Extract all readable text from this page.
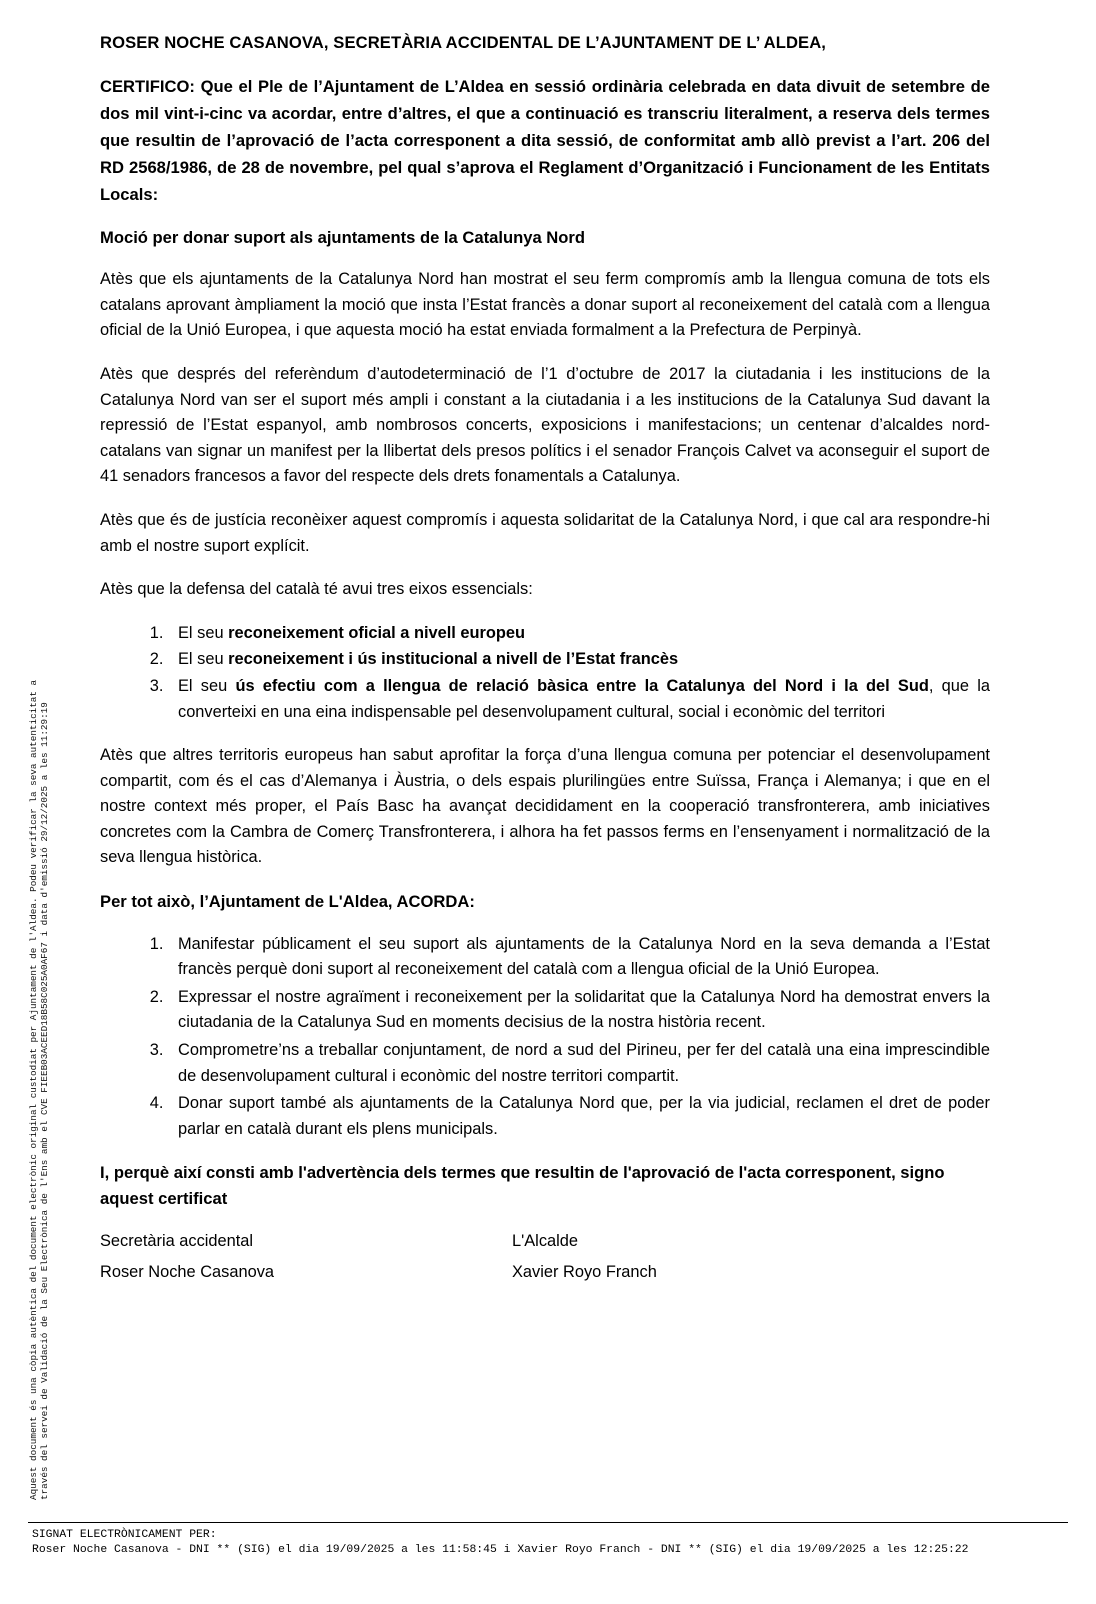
Aquest document és una còpia autèntica del document electrònic original custodiat per Ajuntament de l'Aldea. Podeu verificar la seva autenticitat a través del servei de Validació de la Seu Electrònica de l'Ens amb el CVE FIEEB03ACEED18B58C025A0AF67 i data d'emissió 29/12/2025 a les 11:29:19

ROSER NOCHE CASANOVA, SECRETÀRIA ACCIDENTAL DE L’AJUNTAMENT DE L’ ALDEA,

CERTIFICO: Que el Ple de l’Ajuntament de L’Aldea en sessió ordinària celebrada en data divuit de setembre de dos mil vint-i-cinc va acordar, entre d’altres, el que a continuació es transcriu literalment, a reserva dels termes que resultin de l’aprovació de l’acta corresponent a dita sessió, de conformitat amb allò previst a l’art. 206 del RD 2568/1986, de 28 de novembre, pel qual s’aprova el Reglament d’Organització i Funcionament de les Entitats Locals:

Moció per donar suport als ajuntaments de la Catalunya Nord

Atès que els ajuntaments de la Catalunya Nord han mostrat el seu ferm compromís amb la llengua comuna de tots els catalans aprovant àmpliament la moció que insta l’Estat francès a donar suport al reconeixement del català com a llengua oficial de la Unió Europea, i que aquesta moció ha estat enviada formalment a la Prefectura de Perpinyà.

Atès que després del referèndum d’autodeterminació de l’1 d’octubre de 2017 la ciutadania i les institucions de la Catalunya Nord van ser el suport més ampli i constant a la ciutadania i a les institucions de la Catalunya Sud davant la repressió de l’Estat espanyol, amb nombrosos concerts, exposicions i manifestacions; un centenar d’alcaldes nord-catalans van signar un manifest per la llibertat dels presos polítics i el senador François Calvet va aconseguir el suport de 41 senadors francesos a favor del respecte dels drets fonamentals a Catalunya.

Atès que és de justícia reconèixer aquest compromís i aquesta solidaritat de la Catalunya Nord, i que cal ara respondre-hi amb el nostre suport explícit.

Atès que la defensa del català té avui tres eixos essencials:

1. El seu reconeixement oficial a nivell europeu
2. El seu reconeixement i ús institucional a nivell de l’Estat francès
3. El seu ús efectiu com a llengua de relació bàsica entre la Catalunya del Nord i la del Sud, que la converteixi en una eina indispensable pel desenvolupament cultural, social i econòmic del territori

Atès que altres territoris europeus han sabut aprofitar la força d’una llengua comuna per potenciar el desenvolupament compartit, com és el cas d’Alemanya i Àustria, o dels espais plurilingües entre Suïssa, França i Alemanya; i que en el nostre context més proper, el País Basc ha avançat decididament en la cooperació transfronterera, amb iniciatives concretes com la Cambra de Comerç Transfronterera, i alhora ha fet passos ferms en l’ensenyament i normalització de la seva llengua històrica.

Per tot això, l’Ajuntament de L'Aldea, ACORDA:

1. Manifestar públicament el seu suport als ajuntaments de la Catalunya Nord en la seva demanda a l’Estat francès perquè doni suport al reconeixement del català com a llengua oficial de la Unió Europea.
2. Expressar el nostre agraïment i reconeixement per la solidaritat que la Catalunya Nord ha demostrat envers la ciutadania de la Catalunya Sud en moments decisius de la nostra història recent.
3. Comprometre’ns a treballar conjuntament, de nord a sud del Pirineu, per fer del català una eina imprescindible de desenvolupament cultural i econòmic del nostre territori compartit.
4. Donar suport també als ajuntaments de la Catalunya Nord que, per la via judicial, reclamen el dret de poder parlar en català durant els plens municipals.

I, perquè així consti amb l'advertència dels termes que resultin de l'aprovació de l'acta corresponent, signo aquest certificat

Secretària accidental	L'Alcalde
Roser Noche Casanova	Xavier Royo Franch
SIGNAT ELECTRÒNICAMENT PER:
Roser Noche Casanova - DNI ** (SIG) el dia 19/09/2025 a les 11:58:45 i Xavier Royo Franch - DNI ** (SIG) el dia 19/09/2025 a les 12:25:22
